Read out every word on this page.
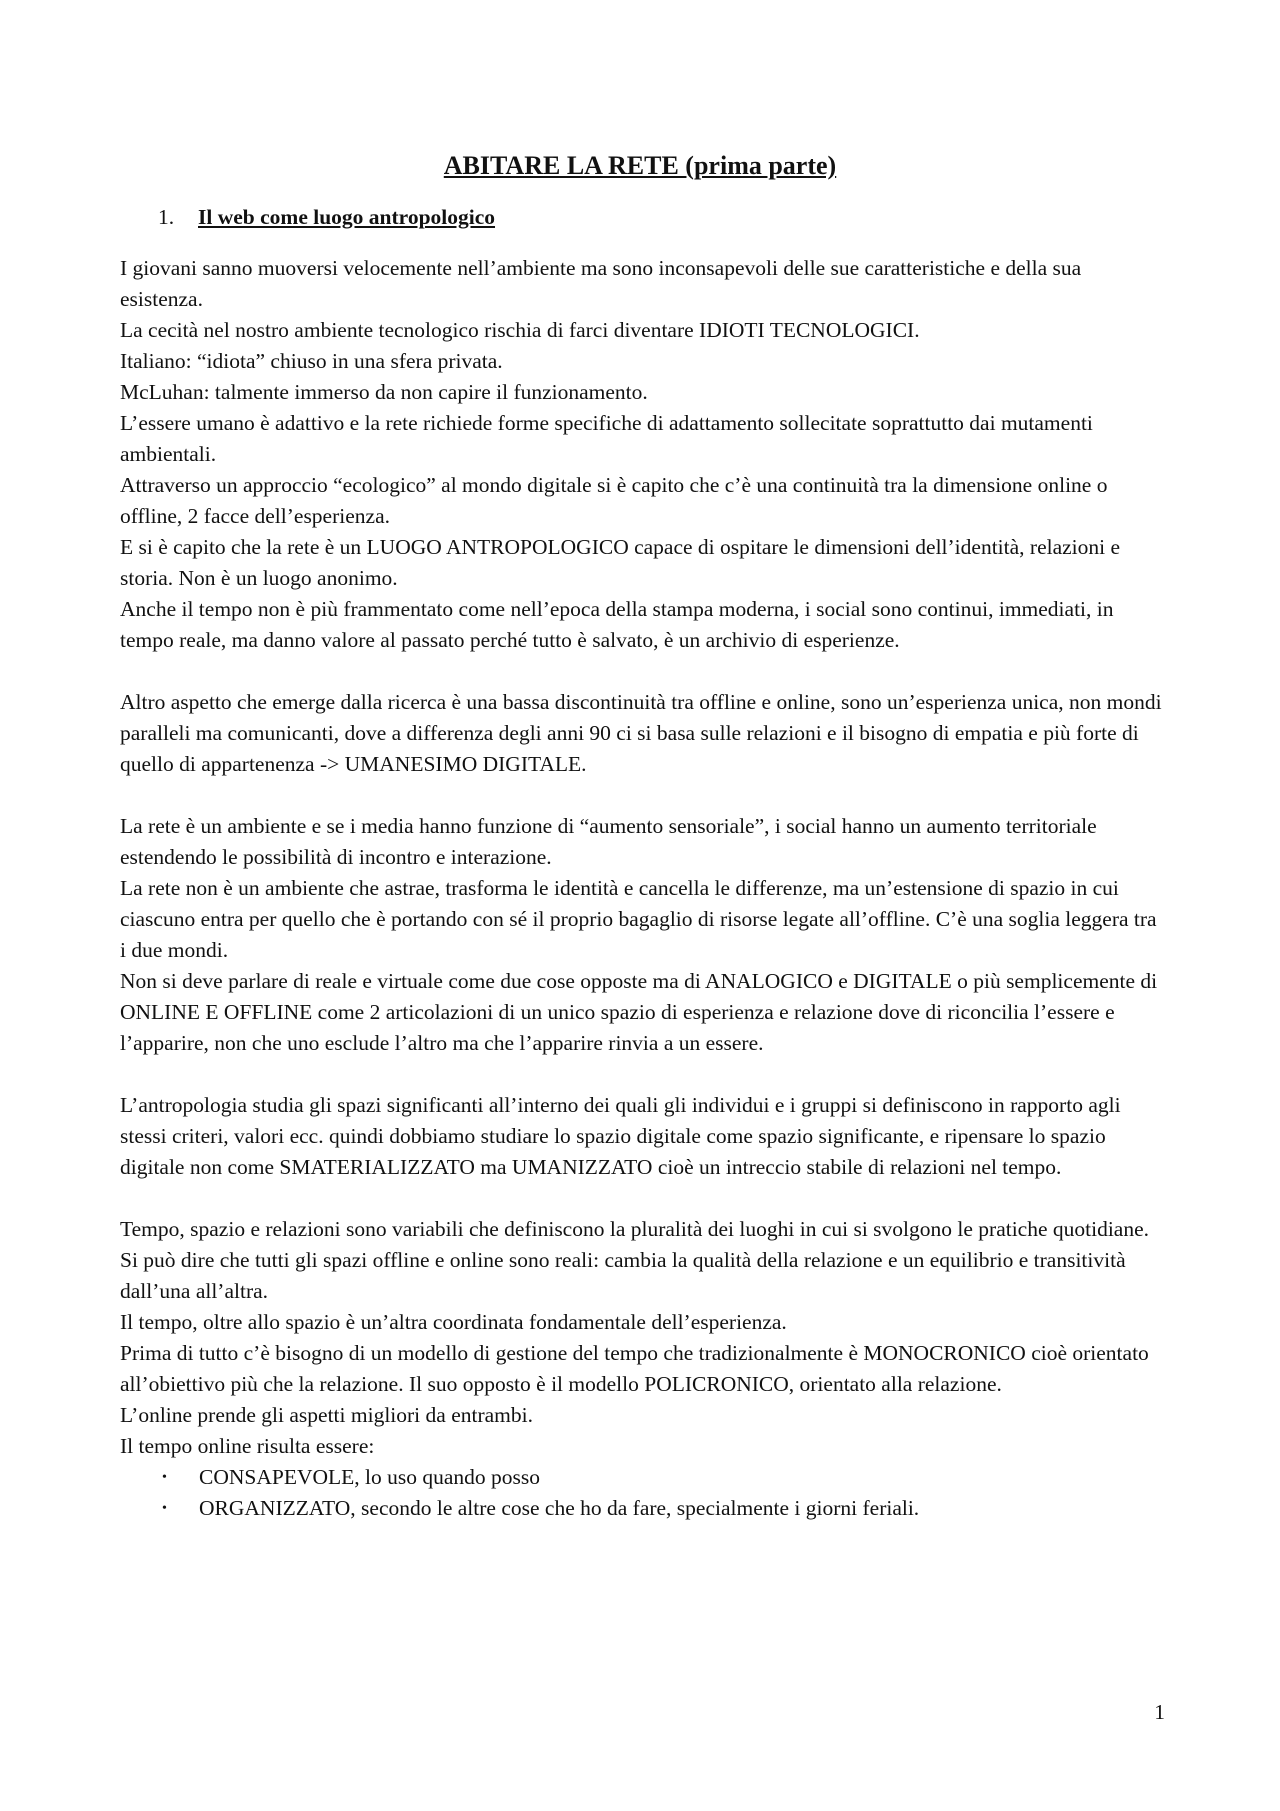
ABITARE LA RETE (prima parte)
1. Il web come luogo antropologico

I giovani sanno muoversi velocemente nell’ambiente ma sono inconsapevoli delle sue caratteristiche e della sua esistenza.

La cecità nel nostro ambiente tecnologico rischia di farci diventare IDIOTI TECNOLOGICI.

Italiano: “idiota” chiuso in una sfera privata.

McLuhan: talmente immerso da non capire il funzionamento.

L’essere umano è adattivo e la rete richiede forme specifiche di adattamento sollecitate soprattutto dai mutamenti ambientali.

Attraverso un approccio “ecologico” al mondo digitale si è capito che c’è una continuità tra la dimensione online o offline, 2 facce dell’esperienza.

E si è capito che la rete è un LUOGO ANTROPOLOGICO capace di ospitare le dimensioni dell’identità, relazioni e storia. Non è un luogo anonimo.

Anche il tempo non è più frammentato come nell’epoca della stampa moderna, i social sono continui, immediati, in tempo reale, ma danno valore al passato perché tutto è salvato, è un archivio di esperienze.

Altro aspetto che emerge dalla ricerca è una bassa discontinuità tra offline e online, sono un’esperienza unica, non mondi paralleli ma comunicanti, dove a differenza degli anni 90 ci si basa sulle relazioni e il bisogno di empatia e più forte di quello di appartenenza -> UMANESIMO DIGITALE.

La rete è un ambiente e se i media hanno funzione di “aumento sensoriale”, i social hanno un aumento territoriale estendendo le possibilità di incontro e interazione.

La rete non è un ambiente che astrae, trasforma le identità e cancella le differenze, ma un’estensione di spazio in cui ciascuno entra per quello che è portando con sé il proprio bagaglio di risorse legate all’offline. C’è una soglia leggera tra i due mondi.

Non si deve parlare di reale e virtuale come due cose opposte ma di ANALOGICO e DIGITALE o più semplicemente di ONLINE E OFFLINE come 2 articolazioni di un unico spazio di esperienza e relazione dove di riconcilia l’essere e l’apparire, non che uno esclude l’altro ma che l’apparire rinvia a un essere.

L’antropologia studia gli spazi significanti all’interno dei quali gli individui e i gruppi si definiscono in rapporto agli stessi criteri, valori ecc. quindi dobbiamo studiare lo spazio digitale come spazio significante, e ripensare lo spazio digitale non come SMATERIALIZZATO ma UMANIZZATO cioè un intreccio stabile di relazioni nel tempo.

Tempo, spazio e relazioni sono variabili che definiscono la pluralità dei luoghi in cui si svolgono le pratiche quotidiane. Si può dire che tutti gli spazi offline e online sono reali: cambia la qualità della relazione e un equilibrio e transitività dall’una all’altra.

Il tempo, oltre allo spazio è un’altra coordinata fondamentale dell’esperienza.

Prima di tutto c’è bisogno di un modello di gestione del tempo che tradizionalmente è MONOCRONICO cioè orientato all’obiettivo più che la relazione. Il suo opposto è il modello POLICRONICO, orientato alla relazione.

L’online prende gli aspetti migliori da entrambi.

Il tempo online risulta essere:

• CONSAPEVOLE, lo uso quando posso
• ORGANIZZATO, secondo le altre cose che ho da fare, specialmente i giorni feriali.
1
